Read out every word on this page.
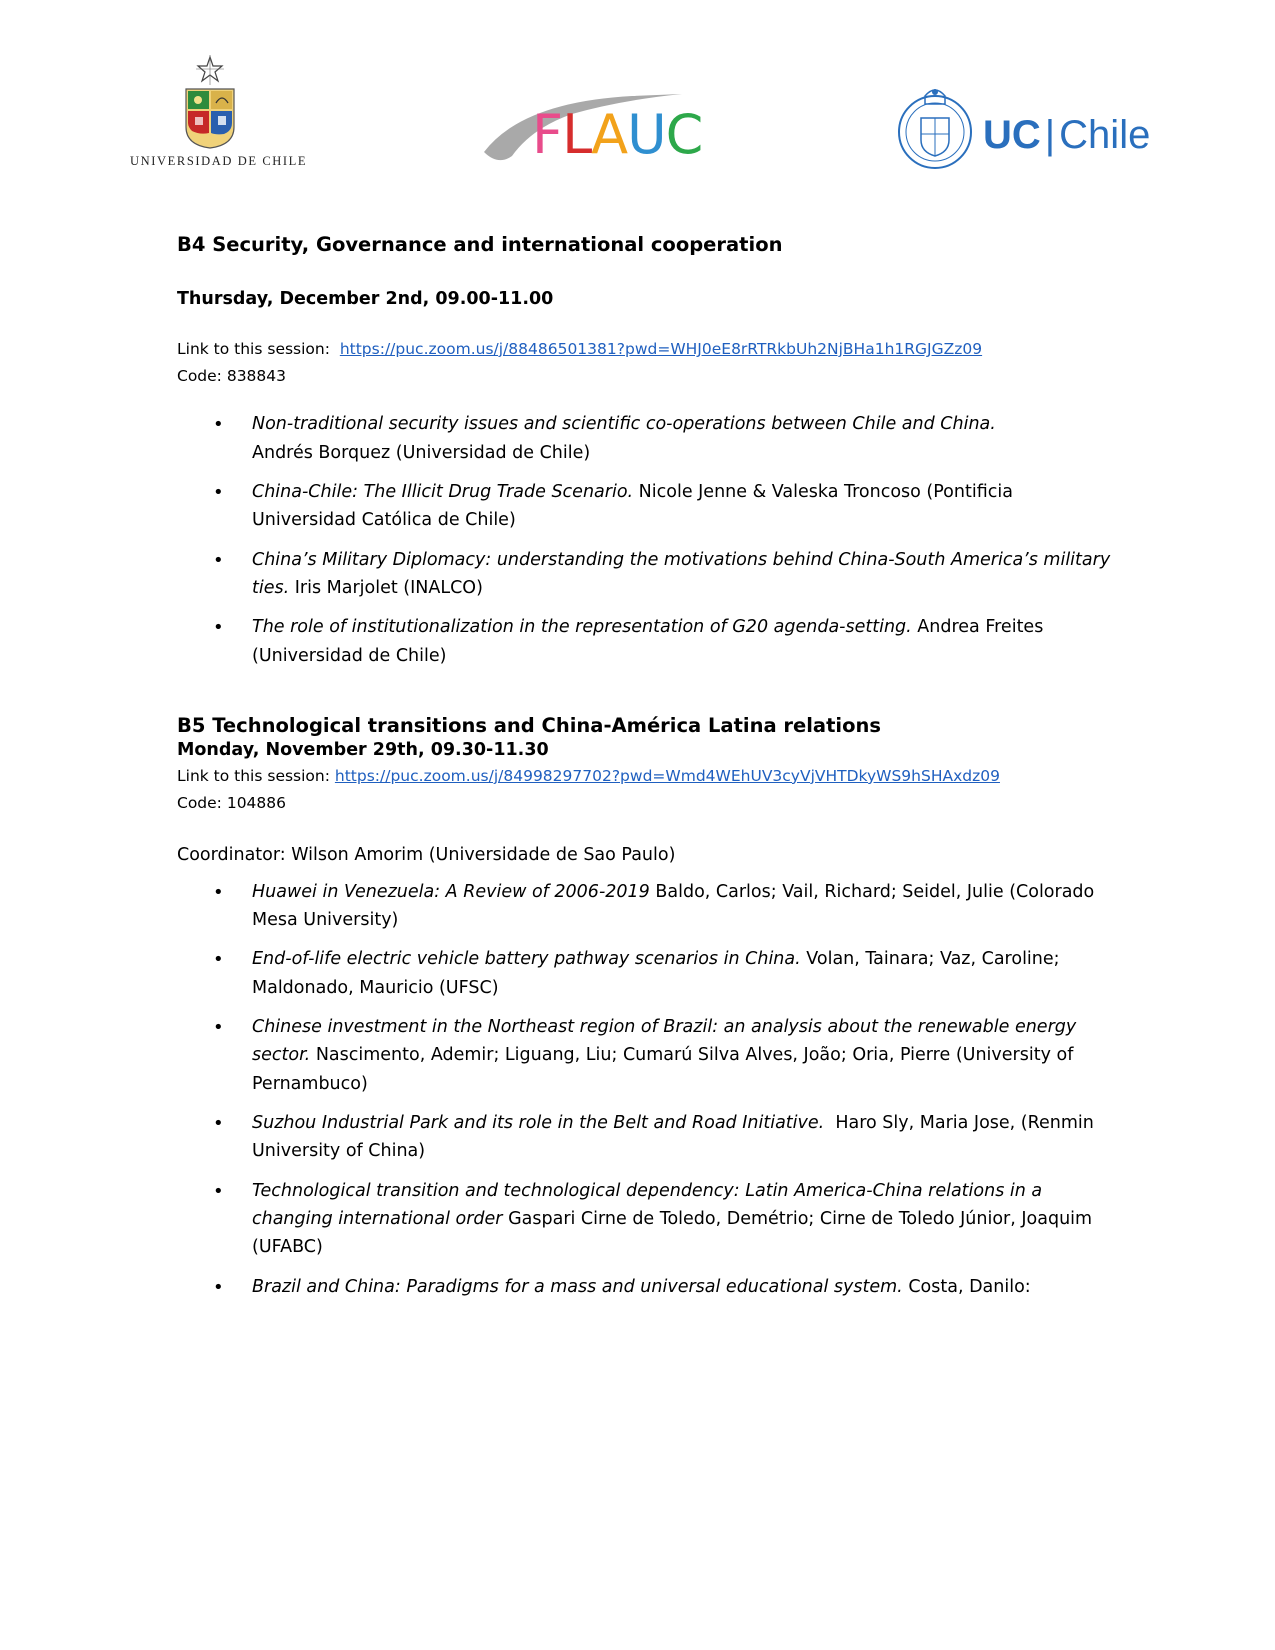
UNIVERSIDAD DE CHILE	FLAUC	UC | Chile
B4 Security, Governance and international cooperation

Thursday, December 2nd, 09.00-11.00

Link to this session: https://puc.zoom.us/j/88486501381?pwd=WHJ0eE8rRTRkbUh2NjBHa1h1RGJGZz09
Code: 838843
• Non-traditional security issues and scientific co-operations between Chile and China.
Andrés Borquez (Universidad de Chile)
• China-Chile: The Illicit Drug Trade Scenario. Nicole Jenne & Valeska Troncoso (Pontificia Universidad Católica de Chile)
• China’s Military Diplomacy: understanding the motivations behind China-South America’s military ties. Iris Marjolet (INALCO)
• The role of institutionalization in the representation of G20 agenda-setting. Andrea Freites (Universidad de Chile)
B5 Technological transitions and China-América Latina relations

Monday, November 29th, 09.30-11.30

Link to this session: https://puc.zoom.us/j/84998297702?pwd=Wmd4WEhUV3cyVjVHTDkyWS9hSHAxdz09
Code: 104886
Coordinator: Wilson Amorim (Universidade de Sao Paulo)
• Huawei in Venezuela: A Review of 2006-2019 Baldo, Carlos; Vail, Richard; Seidel, Julie (Colorado Mesa University)
• End-of-life electric vehicle battery pathway scenarios in China. Volan, Tainara; Vaz, Caroline; Maldonado, Mauricio (UFSC)
• Chinese investment in the Northeast region of Brazil: an analysis about the renewable energy sector. Nascimento, Ademir; Liguang, Liu; Cumarú Silva Alves, João; Oria, Pierre (University of Pernambuco)
• Suzhou Industrial Park and its role in the Belt and Road Initiative. Haro Sly, Maria Jose, (Renmin University of China)
• Technological transition and technological dependency: Latin America-China relations in a changing international order Gaspari Cirne de Toledo, Demétrio; Cirne de Toledo Júnior, Joaquim (UFABC)
• Brazil and China: Paradigms for a mass and universal educational system. Costa, Danilo:
